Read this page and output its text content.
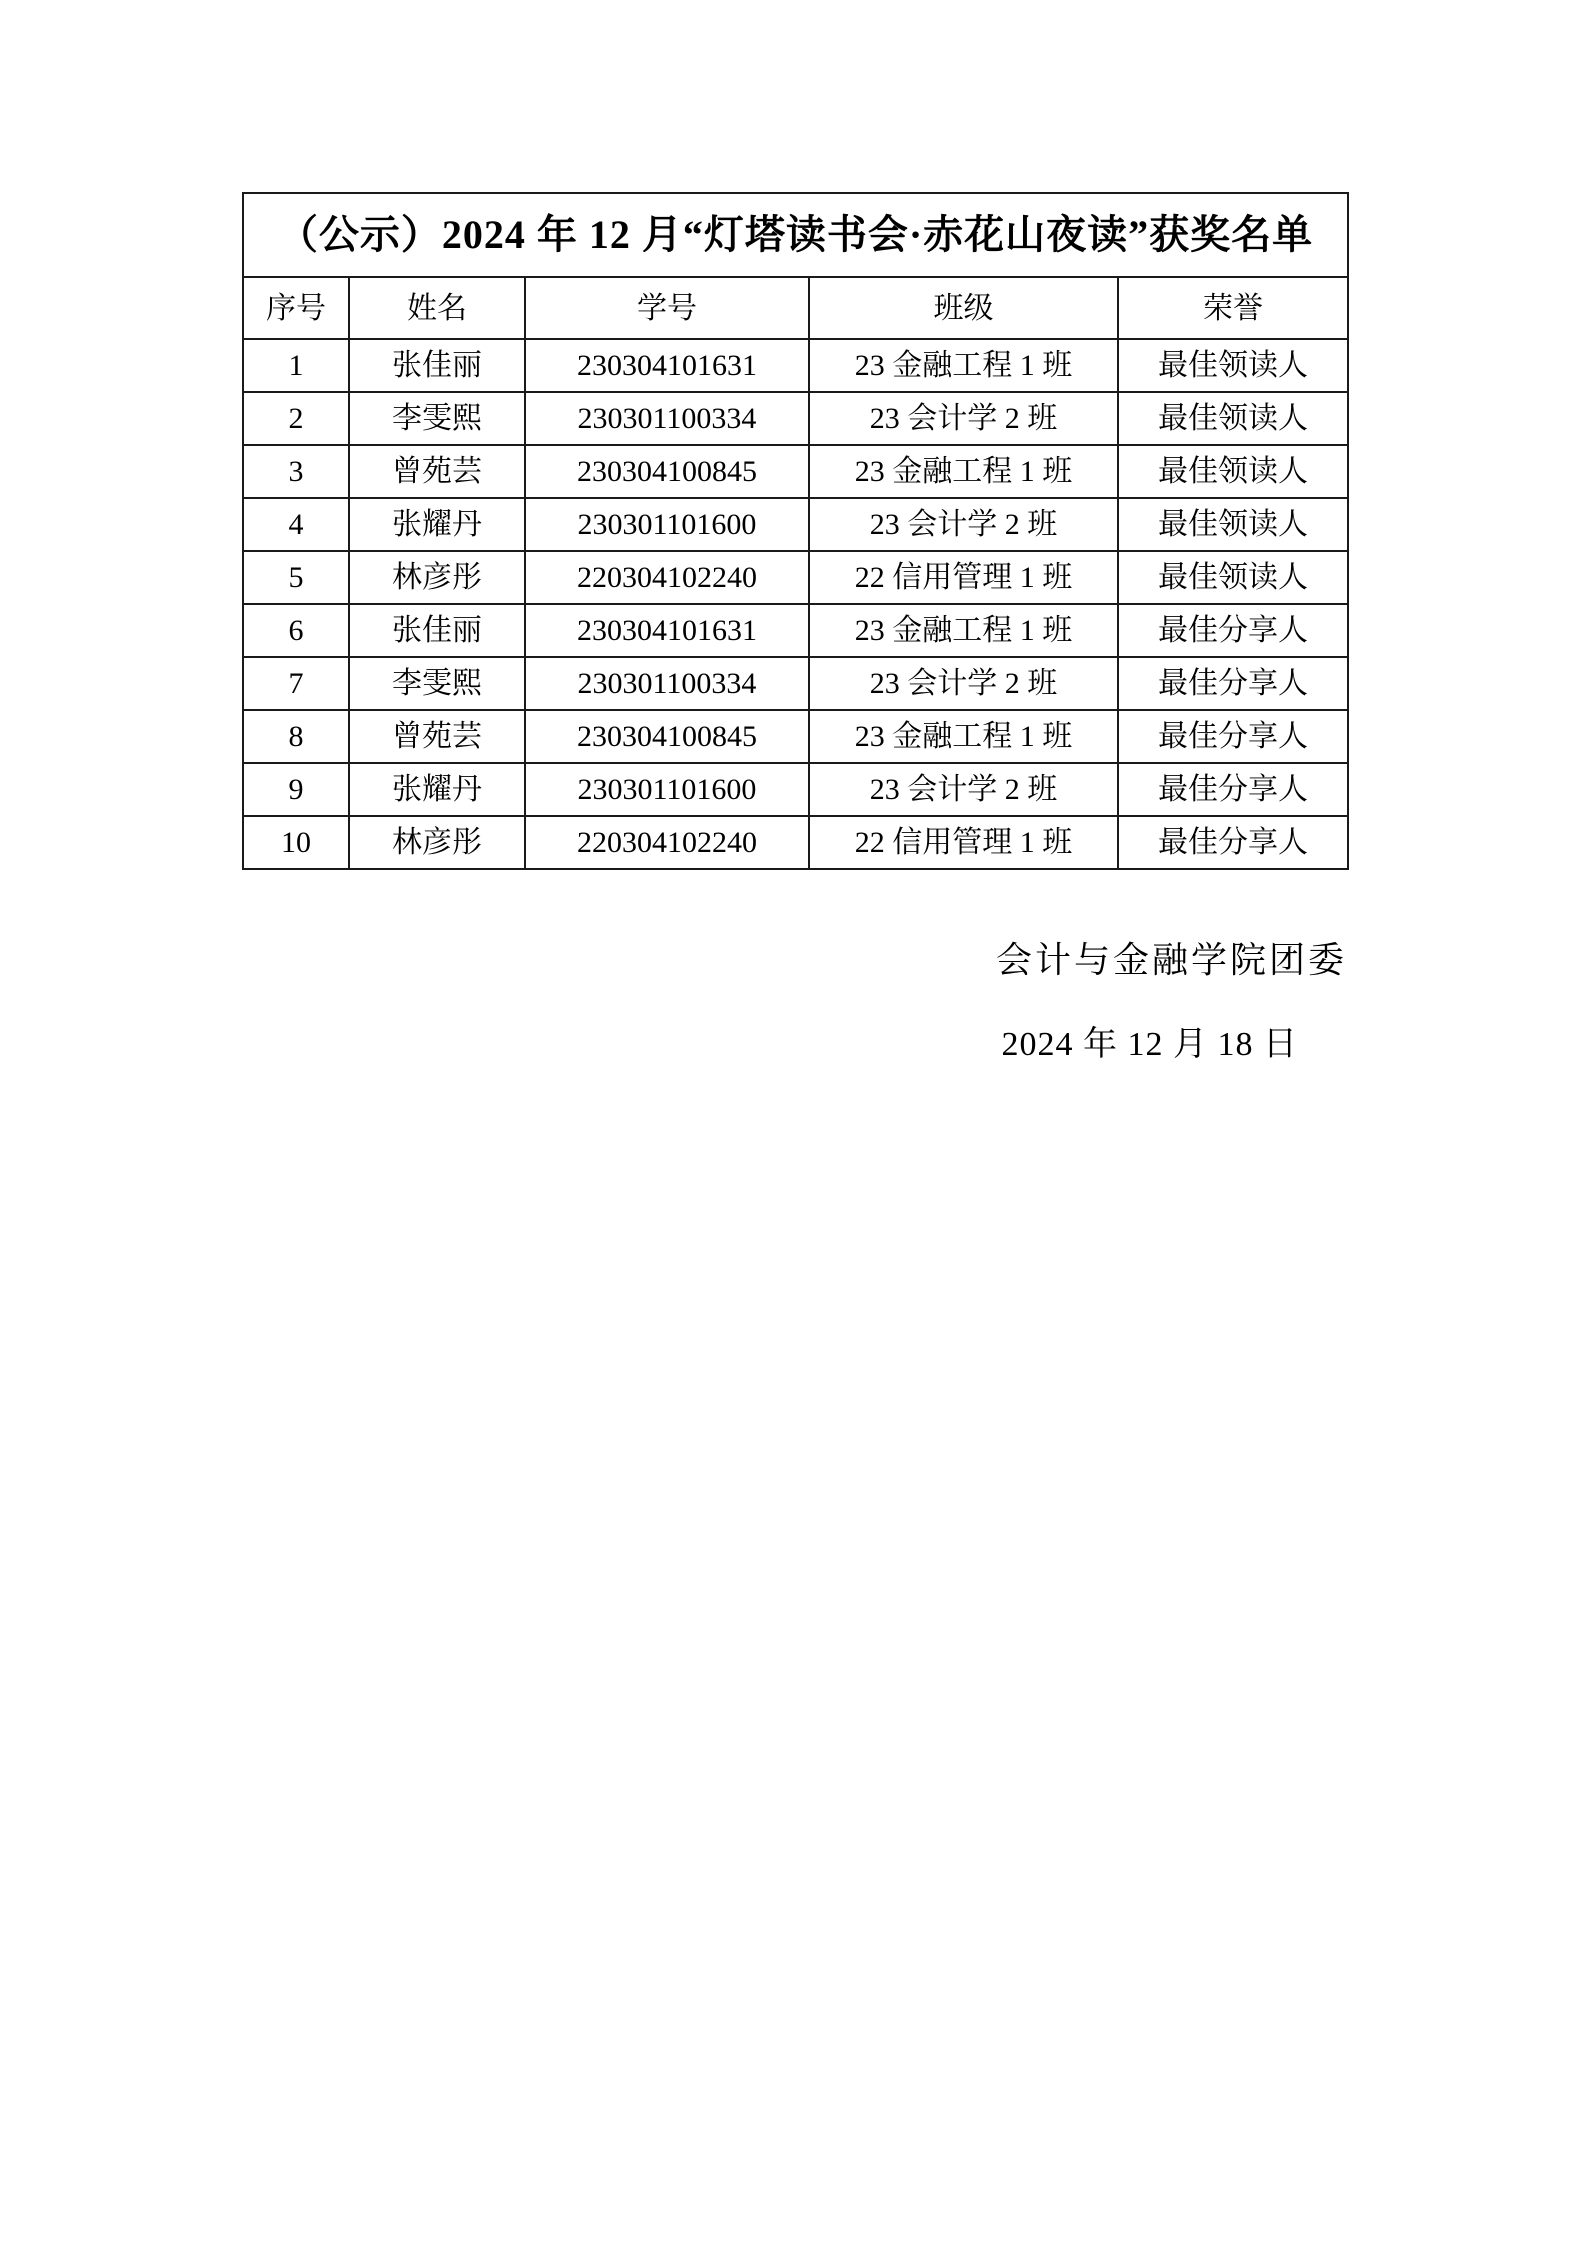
（公示）2024 年 12 月“灯塔读书会·赤花山夜读”获奖名单				
序号	姓名	学号	班级	荣誉
1	张佳丽	230304101631	23 金融工程 1 班	最佳领读人
2	李雯熙	230301100334	23 会计学 2 班	最佳领读人
3	曾苑芸	230304100845	23 金融工程 1 班	最佳领读人
4	张耀丹	230301101600	23 会计学 2 班	最佳领读人
5	林彦彤	220304102240	22 信用管理 1 班	最佳领读人
6	张佳丽	230304101631	23 金融工程 1 班	最佳分享人
7	李雯熙	230301100334	23 会计学 2 班	最佳分享人
8	曾苑芸	230304100845	23 金融工程 1 班	最佳分享人
9	张耀丹	230301101600	23 会计学 2 班	最佳分享人
10	林彦彤	220304102240	22 信用管理 1 班	最佳分享人
会计与金融学院团委
2024 年 12 月 18 日
